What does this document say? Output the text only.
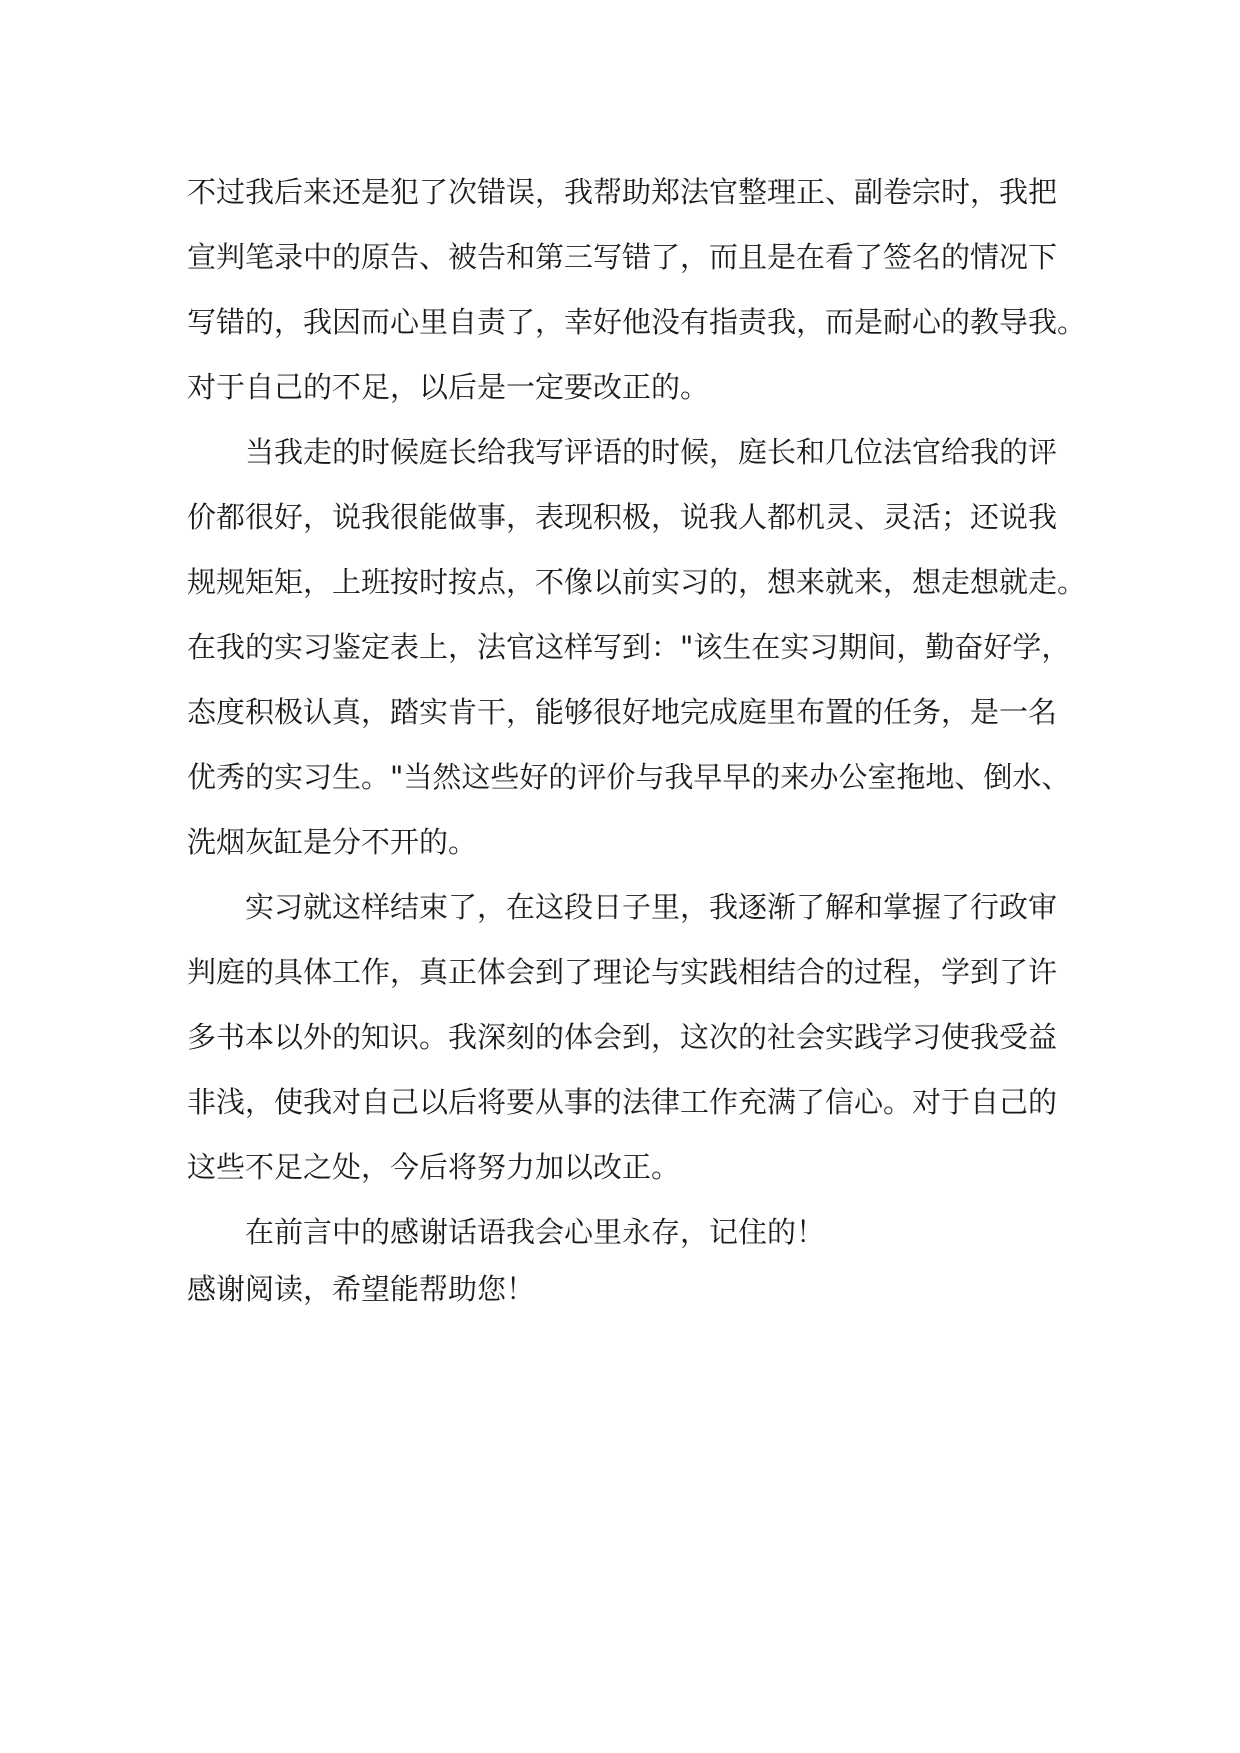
不过我后来还是犯了次错误，我帮助郑法官整理正、副卷宗时，我把
宣判笔录中的原告、被告和第三写错了，而且是在看了签名的情况下
写错的，我因而心里自责了，幸好他没有指责我，而是耐心的教导我。
对于自己的不足，以后是一定要改正的。
当我走的时候庭长给我写评语的时候，庭长和几位法官给我的评
价都很好，说我很能做事，表现积极，说我人都机灵、灵活；还说我
规规矩矩，上班按时按点，不像以前实习的，想来就来，想走想就走。
在我的实习鉴定表上，法官这样写到："该生在实习期间，勤奋好学，
态度积极认真，踏实肯干，能够很好地完成庭里布置的任务，是一名
优秀的实习生。"当然这些好的评价与我早早的来办公室拖地、倒水、
洗烟灰缸是分不开的。
实习就这样结束了，在这段日子里，我逐渐了解和掌握了行政审
判庭的具体工作，真正体会到了理论与实践相结合的过程，学到了许
多书本以外的知识。我深刻的体会到，这次的社会实践学习使我受益
非浅，使我对自己以后将要从事的法律工作充满了信心。对于自己的
这些不足之处，今后将努力加以改正。
在前言中的感谢话语我会心里永存，记住的！
感谢阅读，希望能帮助您！
